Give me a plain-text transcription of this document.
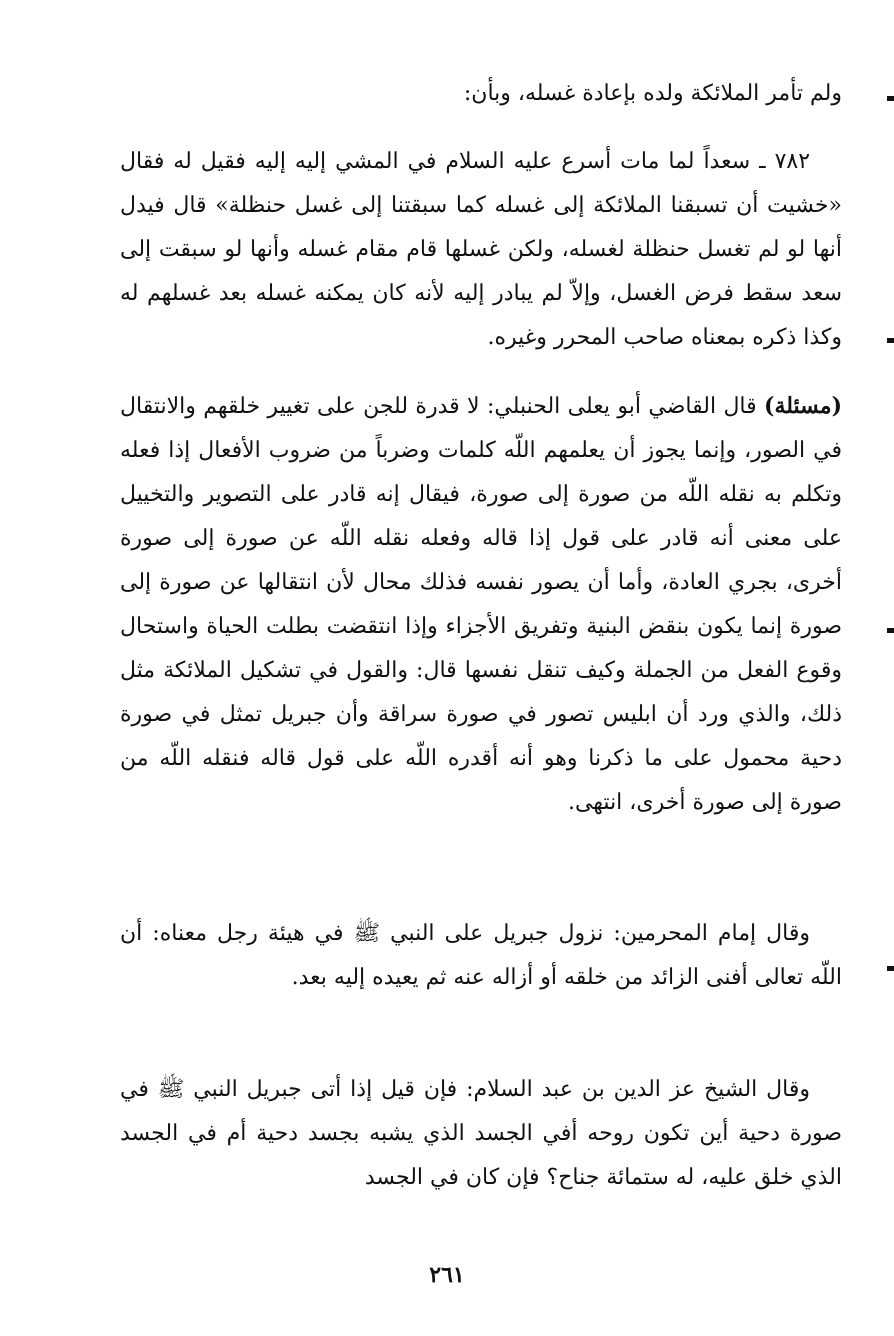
ولم تأمر الملائكة ولده بإعادة غسله، وبأن:

٧٨٢ ـ سعداً لما مات أسرع عليه السلام في المشي إليه إليه فقيل له فقال «خشيت أن تسبقنا الملائكة إلى غسله كما سبقتنا إلى غسل حنظلة» قال فيدل أنها لو لم تغسل حنظلة لغسله، ولكن غسلها قام مقام غسله وأنها لو سبقت إلى سعد سقط فرض الغسل، وإلاّ لم يبادر إليه لأنه كان يمكنه غسله بعد غسلهم له وكذا ذكره بمعناه صاحب المحرر وغيره.

(مسئلة) قال القاضي أبو يعلى الحنبلي: لا قدرة للجن على تغيير خلقهم والانتقال في الصور، وإنما يجوز أن يعلمهم اللّه كلمات وضرباً من ضروب الأفعال إذا فعله وتكلم به نقله اللّه من صورة إلى صورة، فيقال إنه قادر على التصوير والتخييل على معنى أنه قادر على قول إذا قاله وفعله نقله اللّه عن صورة إلى صورة أخرى، بجري العادة، وأما أن يصور نفسه فذلك محال لأن انتقالها عن صورة إلى صورة إنما يكون بنقض البنية وتفريق الأجزاء وإذا انتقضت بطلت الحياة واستحال وقوع الفعل من الجملة وكيف تنقل نفسها قال: والقول في تشكيل الملائكة مثل ذلك، والذي ورد أن ابليس تصور في صورة سراقة وأن جبريل تمثل في صورة دحية محمول على ما ذكرنا وهو أنه أقدره اللّه على قول قاله فنقله اللّه من صورة إلى صورة أخرى، انتهى.

وقال إمام المحرمين: نزول جبريل على النبي ﷺ في هيئة رجل معناه: أن اللّه تعالى أفنى الزائد من خلقه أو أزاله عنه ثم يعيده إليه بعد.

وقال الشيخ عز الدين بن عبد السلام: فإن قيل إذا أتى جبريل النبي ﷺ في صورة دحية أين تكون روحه أفي الجسد الذي يشبه بجسد دحية أم في الجسد الذي خلق عليه، له ستمائة جناح؟ فإن كان في الجسد

٢٦١
